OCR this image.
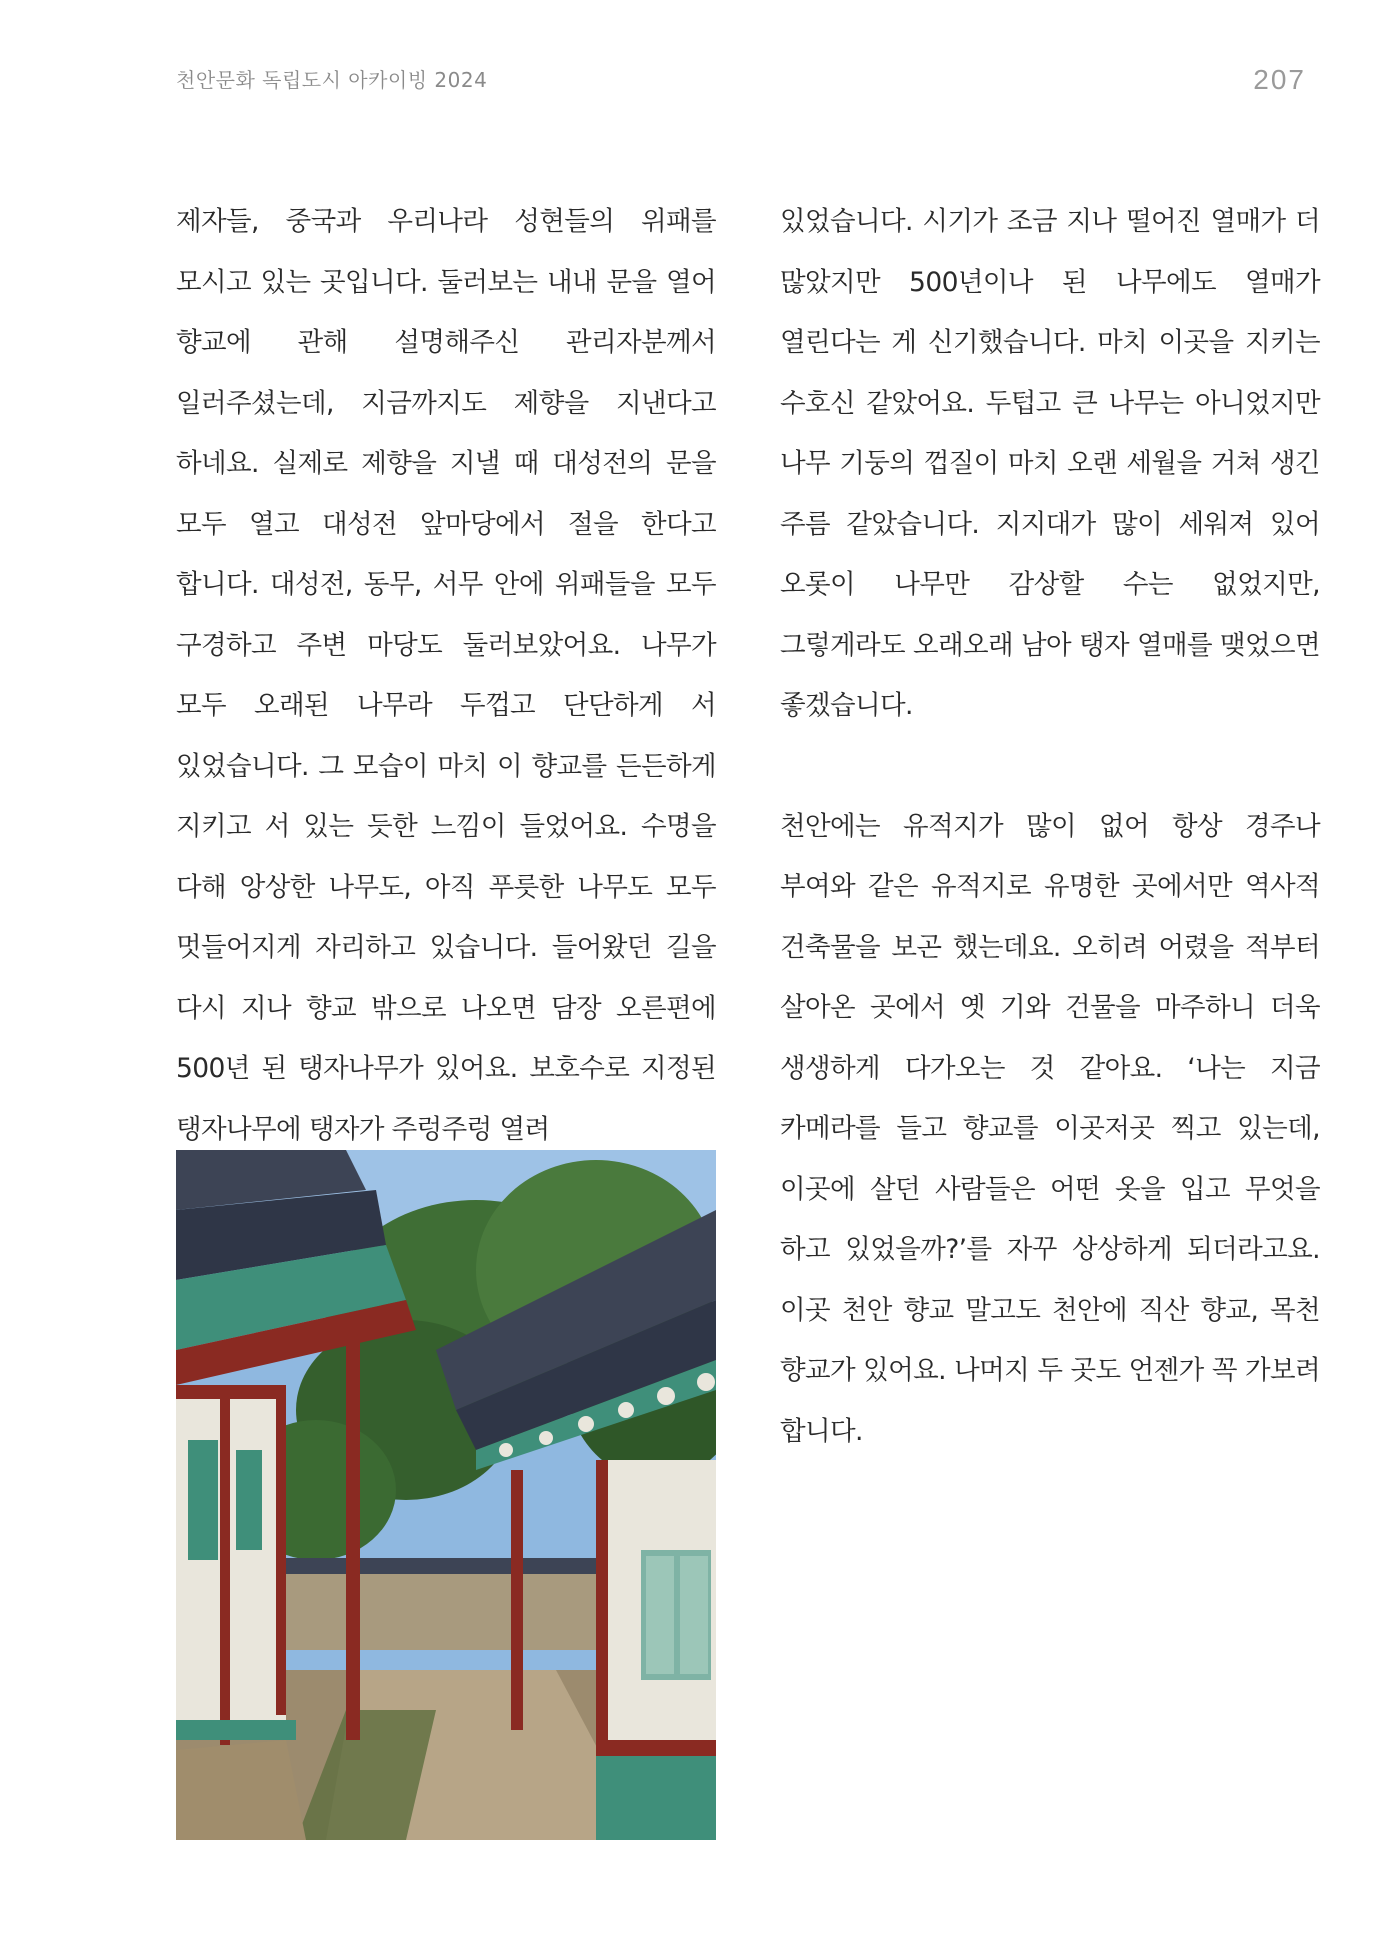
천안문화 독립도시 아카이빙 2024	207

제자들, 중국과 우리나라 성현들의 위패를 모시고 있는 곳입니다. 둘러보는 내내 문을 열어 향교에 관해 설명해주신 관리자분께서 일러주셨는데, 지금까지도 제향을 지낸다고 하네요. 실제로 제향을 지낼 때 대성전의 문을 모두 열고 대성전 앞마당에서 절을 한다고 합니다. 대성전, 동무, 서무 안에 위패들을 모두 구경하고 주변 마당도 둘러보았어요. 나무가 모두 오래된 나무라 두껍고 단단하게 서 있었습니다. 그 모습이 마치 이 향교를 든든하게 지키고 서 있는 듯한 느낌이 들었어요. 수명을 다해 앙상한 나무도, 아직 푸릇한 나무도 모두 멋들어지게 자리하고 있습니다. 들어왔던 길을 다시 지나 향교 밖으로 나오면 담장 오른편에 500년 된 탱자나무가 있어요. 보호수로 지정된 탱자나무에 탱자가 주렁주렁 열려

있었습니다. 시기가 조금 지나 떨어진 열매가 더 많았지만 500년이나 된 나무에도 열매가 열린다는 게 신기했습니다. 마치 이곳을 지키는 수호신 같았어요. 두텁고 큰 나무는 아니었지만 나무 기둥의 껍질이 마치 오랜 세월을 거쳐 생긴 주름 같았습니다. 지지대가 많이 세워져 있어 오롯이 나무만 감상할 수는 없었지만, 그렇게라도 오래오래 남아 탱자 열매를 맺었으면 좋겠습니다.

천안에는 유적지가 많이 없어 항상 경주나 부여와 같은 유적지로 유명한 곳에서만 역사적 건축물을 보곤 했는데요. 오히려 어렸을 적부터 살아온 곳에서 옛 기와 건물을 마주하니 더욱 생생하게 다가오는 것 같아요. ‘나는 지금 카메라를 들고 향교를 이곳저곳 찍고 있는데, 이곳에 살던 사람들은 어떤 옷을 입고 무엇을 하고 있었을까?’를 자꾸 상상하게 되더라고요. 이곳 천안 향교 말고도 천안에 직산 향교, 목천 향교가 있어요. 나머지 두 곳도 언젠가 꼭 가보려 합니다.
